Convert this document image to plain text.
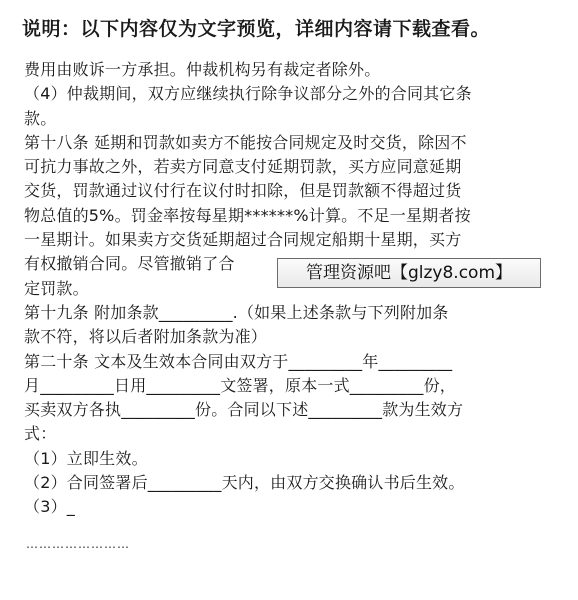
说明：以下内容仅为文字预览，详细内容请下载查看。
费用由败诉一方承担。仲裁机构另有裁定者除外。
（4）仲裁期间，双方应继续执行除争议部分之外的合同其它条
款。
第十八条 延期和罚款如卖方不能按合同规定及时交货，除因不
可抗力事故之外，若卖方同意支付延期罚款，买方应同意延期
交货，罚款通过议付行在议付时扣除，但是罚款额不得超过货
物总值的5%。罚金率按每星期******%计算。不足一星期者按
一星期计。如果卖方交货延期超过合同规定船期十星期，买方
有权撤销合同。尽管撤销了合
定罚款。
第十九条 附加条款_________.（如果上述条款与下列附加条
款不符，将以后者附加条款为准）
第二十条 文本及生效本合同由双方于_________年_________
月_________日用_________文签署，原本一式_________份，
买卖双方各执_________份。合同以下述_________款为生效方
式：
（1）立即生效。
（2）合同签署后_________天内，由双方交换确认书后生效。
（3）_
管理资源吧【glzy8.com】
……………………
